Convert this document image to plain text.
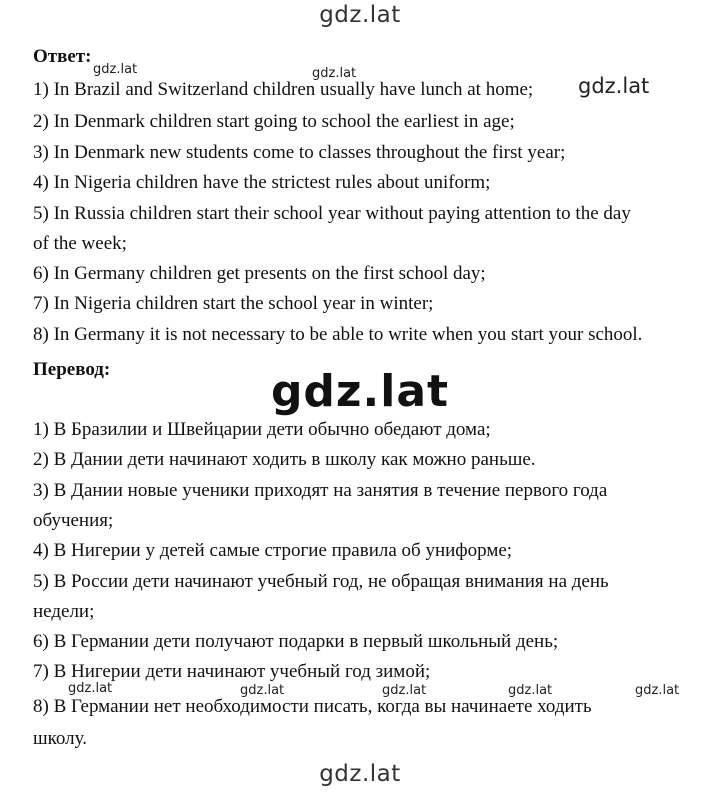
gdz.lat
gdz.lat
gdz.lat
gdz.lat	gdz.lat
gdz.lat
gdz.lat	gdz.lat	gdz.lat	gdz.lat	gdz.lat
Ответ:
1) In Brazil and Switzerland children usually have lunch at home;
2) In Denmark children start going to school the earliest in age;
3) In Denmark new students come to classes throughout the first year;
4) In Nigeria children have the strictest rules about uniform;
5) In Russia children start their school year without paying attention to the day
of the week;
6) In Germany children get presents on the first school day;
7) In Nigeria children start the school year in winter;
8) In Germany it is not necessary to be able to write when you start your school.
Перевод:
1) В Бразилии и Швейцарии дети обычно обедают дома;
2) В Дании дети начинают ходить в школу как можно раньше.
3) В Дании новые ученики приходят на занятия в течение первого года
обучения;
4) В Нигерии у детей самые строгие правила об униформе;
5) В России дети начинают учебный год, не обращая внимания на день
недели;
6) В Германии дети получают подарки в первый школьный день;
7) В Нигерии дети начинают учебный год зимой;
8) В Германии нет необходимости писать, когда вы начинаете ходить
школу.
